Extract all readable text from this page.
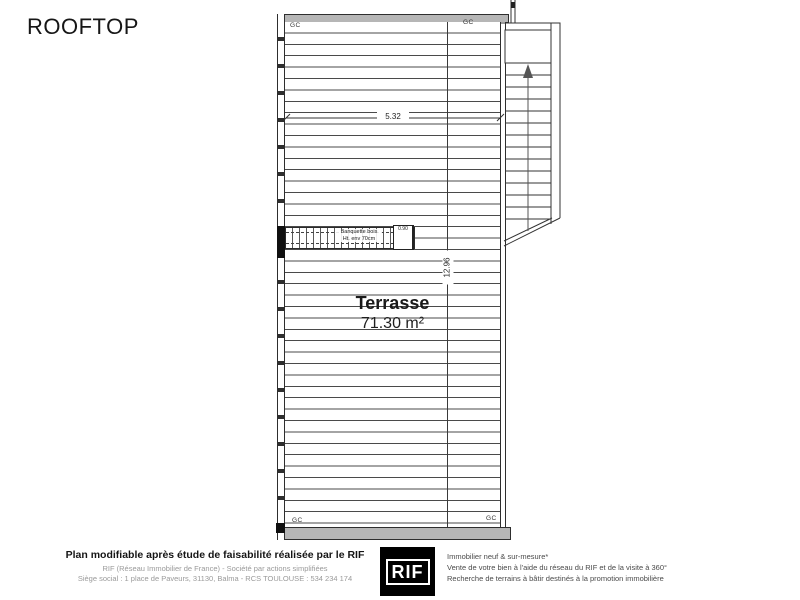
ROOFTOP
Banquette bois
Ht. env 70cm
0.90
5.32
12.96
GC	GC
GC	GC
Terrasse
71.30 m²
Plan modifiable après étude de faisabilité réalisée par le RIF
RIF (Réseau Immobilier de France) - Société par actions simplifiées
Siège social : 1 place de Paveurs, 31130, Balma - RCS TOULOUSE : 534 234 174	RIF
Immobilier neuf & sur-mesure*
Vente de votre bien à l'aide du réseau du RIF et de la visite à 360°
Recherche de terrains à bâtir destinés à la promotion immobilière
